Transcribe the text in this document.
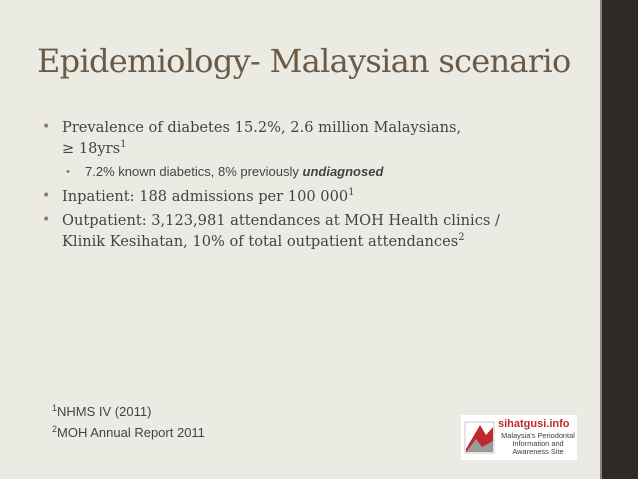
Epidemiology- Malaysian scenario
• Prevalence of diabetes 15.2%, 2.6 million Malaysians,
≥ 18yrs$^1$
• 7.2% known diabetics, 8% previously undiagnosed
• Inpatient: 188 admissions per 100 $000^1$
• Outpatient: 3,123,981 attendances at MOH Health clinics /
Klinik Kesihatan, 10% of total outpatient attendances$^2$
$^1$NHMS IV (2011)
$^2$MOH Annual Report 2011
sihatgusi.info
Malaysia's Periodontal Information and Awareness Site
